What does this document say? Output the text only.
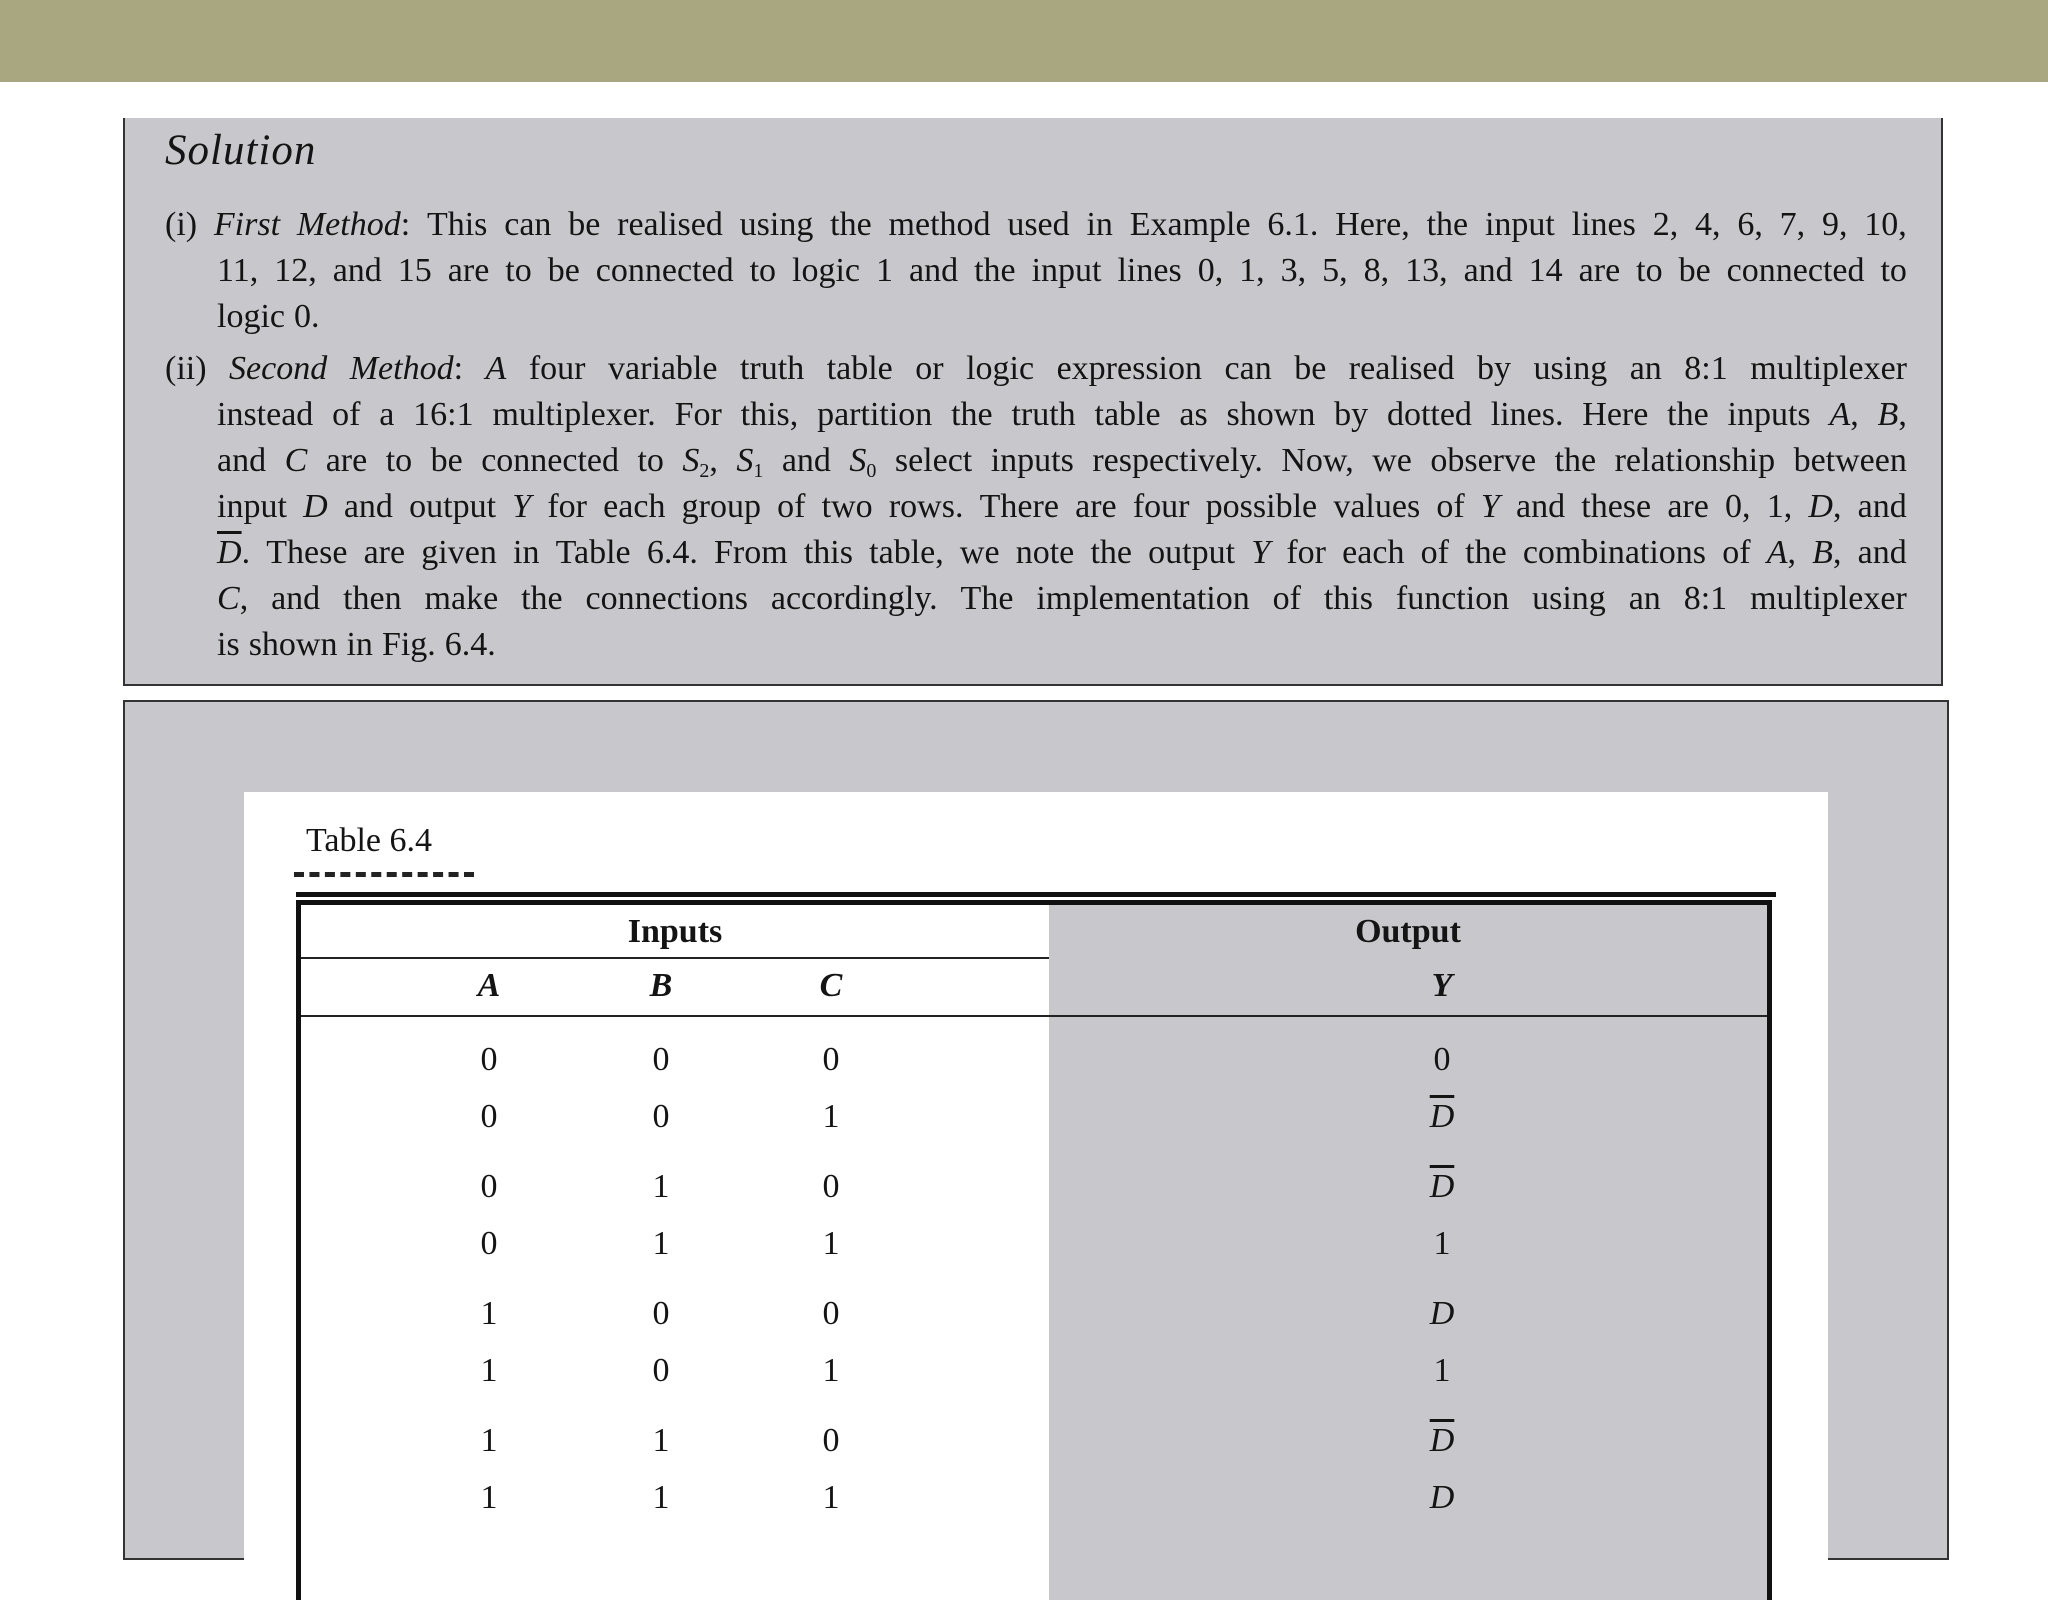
Solution
(i) First Method: This can be realised using the method used in Example 6.1. Here, the input lines 2, 4, 6, 7, 9, 10,
11, 12, and 15 are to be connected to logic 1 and the input lines 0, 1, 3, 5, 8, 13, and 14 are to be connected to
logic 0.
(ii) Second Method: A four variable truth table or logic expression can be realised by using an 8:1 multiplexer
instead of a 16:1 multiplexer. For this, partition the truth table as shown by dotted lines. Here the inputs A, B,
and C are to be connected to $S_2$, $S_1$ and $S_0$ select inputs respectively. Now, we observe the relationship between
input D and output Y for each group of two rows. There are four possible values of Y and these are 0, 1, D, and
$\overline{D}$. These are given in Table 6.4. From this table, we note the output Y for each of the combinations of A, B, and
C, and then make the connections accordingly. The implementation of this function using an 8:1 multiplexer
is shown in Fig. 6.4.
Table 6.4
Inputs	Output
A	B	C	Y
0	0	0	0
0	0	1	$\overline{D}$
0	1	0	$\overline{D}$
0	1	1	1
1	0	0	D
1	0	1	1
1	1	0	$\overline{D}$
1	1	1	D
